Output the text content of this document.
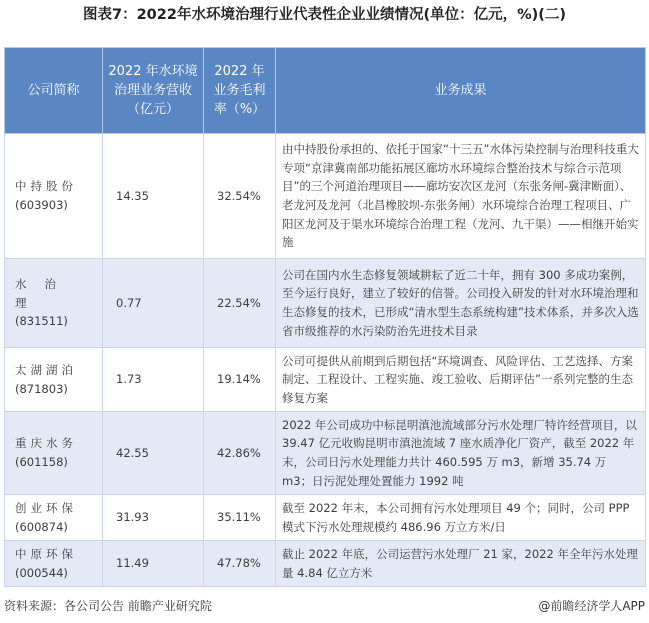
图表7：2022年水环境治理行业代表性企业业绩情况(单位：亿元，%)(二)
公司简称	2022 年水环境治理业务营收（亿元）	2022 年业务毛利率（%）	业务成果

中持股份
(603903)	14.35	32.54%	由中持股份承担的、依托于国家“十三五”水体污染控制与治理科技重大专项“京津冀南部功能拓展区廊坊水环境综合整治技术与综合示范项目”的三个河道治理项目——廊坊安次区龙河（东张务闸-冀津断面）、老龙河及龙河（北昌橡胶坝-东张务闸）水环境综合治理工程项目、广阳区龙河及于渠水环境综合治理工程（龙河、九干渠）——相继开始实施

水治理
(831511)	0.77	22.54%	公司在国内水生态修复领域耕耘了近二十年，拥有 300 多成功案例，至今运行良好，建立了较好的信誉。公司投入研发的针对水环境治理和生态修复的技术，已形成“清水型生态系统构建”技术体系，并多次入选省市级推荐的水污染防治先进技术目录

太湖湖泊
(871803)	1.73	19.14%	公司可提供从前期到后期包括“环境调查、风险评估、工艺选择、方案制定、工程设计、工程实施、竣工验收、后期评估”一系列完整的生态修复方案

重庆水务
(601158)	42.55	42.86%	2022 年公司成功中标昆明滇池流域部分污水处理厂特许经营项目，以 39.47 亿元收购昆明市滇池流域 7 座水质净化厂资产，截至 2022 年末，公司日污水处理能力共计 460.595 万 m3，新增 35.74 万 m3；日污泥处理处置能力 1992 吨

创业环保
(600874)	31.93	35.11%	截至 2022 年末，本公司拥有污水处理项目 49 个；同时，公司 PPP 模式下污水处理规模约 486.96 万立方米/日

中原环保
(000544)	11.49	47.78%	截止 2022 年底，公司运营污水处理厂 21 家，2022 年全年污水处理量 4.84 亿立方米
资料来源：各公司公告 前瞻产业研究院	@前瞻经济学人APP
